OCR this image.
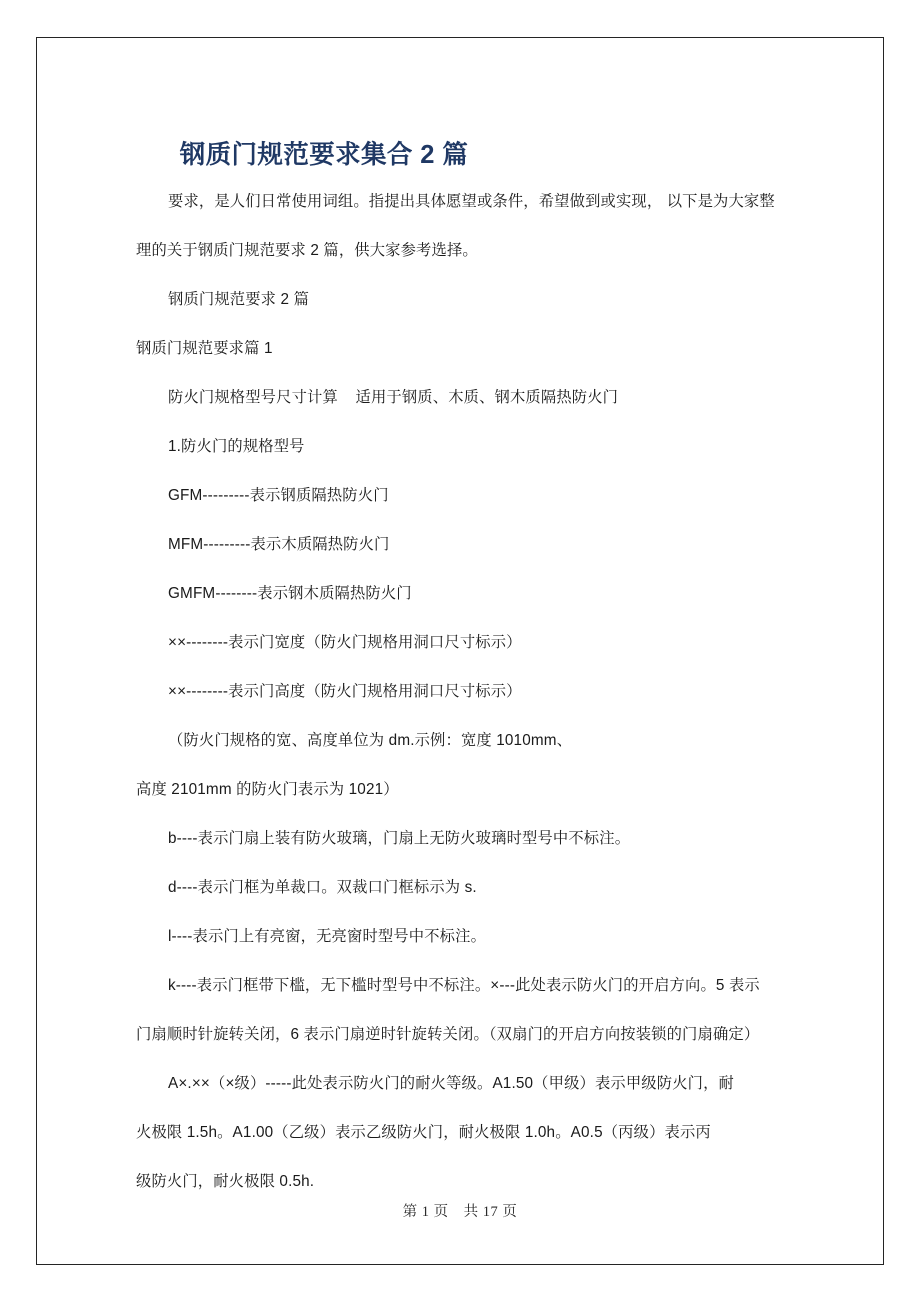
钢质门规范要求集合 2 篇
要求，是人们日常使用词组。指提出具体愿望或条件，希望做到或实现， 以下是为大家整
理的关于钢质门规范要求 2 篇，供大家参考选择。
钢质门规范要求 2 篇
钢质门规范要求篇 1
防火门规格型号尺寸计算    适用于钢质、木质、钢木质隔热防火门
1.防火门的规格型号
GFM---------表示钢质隔热防火门
MFM---------表示木质隔热防火门
GMFM--------表示钢木质隔热防火门
××--------表示门宽度（防火门规格用洞口尺寸标示）
××--------表示门高度（防火门规格用洞口尺寸标示）
（防火门规格的宽、高度单位为 dm.示例：宽度 1010mm、
高度 2101mm 的防火门表示为 1021）
b----表示门扇上装有防火玻璃，门扇上无防火玻璃时型号中不标注。
d----表示门框为单裁口。双裁口门框标示为 s.
l----表示门上有亮窗，无亮窗时型号中不标注。
k----表示门框带下槛，无下槛时型号中不标注。×---此处表示防火门的开启方向。5 表示
门扇顺时针旋转关闭，6 表示门扇逆时针旋转关闭。（双扇门的开启方向按装锁的门扇确定）
A×.××（×级）-----此处表示防火门的耐火等级。A1.50（甲级）表示甲级防火门，耐
火极限 1.5h。A1.00（乙级）表示乙级防火门，耐火极限 1.0h。A0.5（丙级）表示丙
级防火门，耐火极限 0.5h.
第 1 页　共 17 页
